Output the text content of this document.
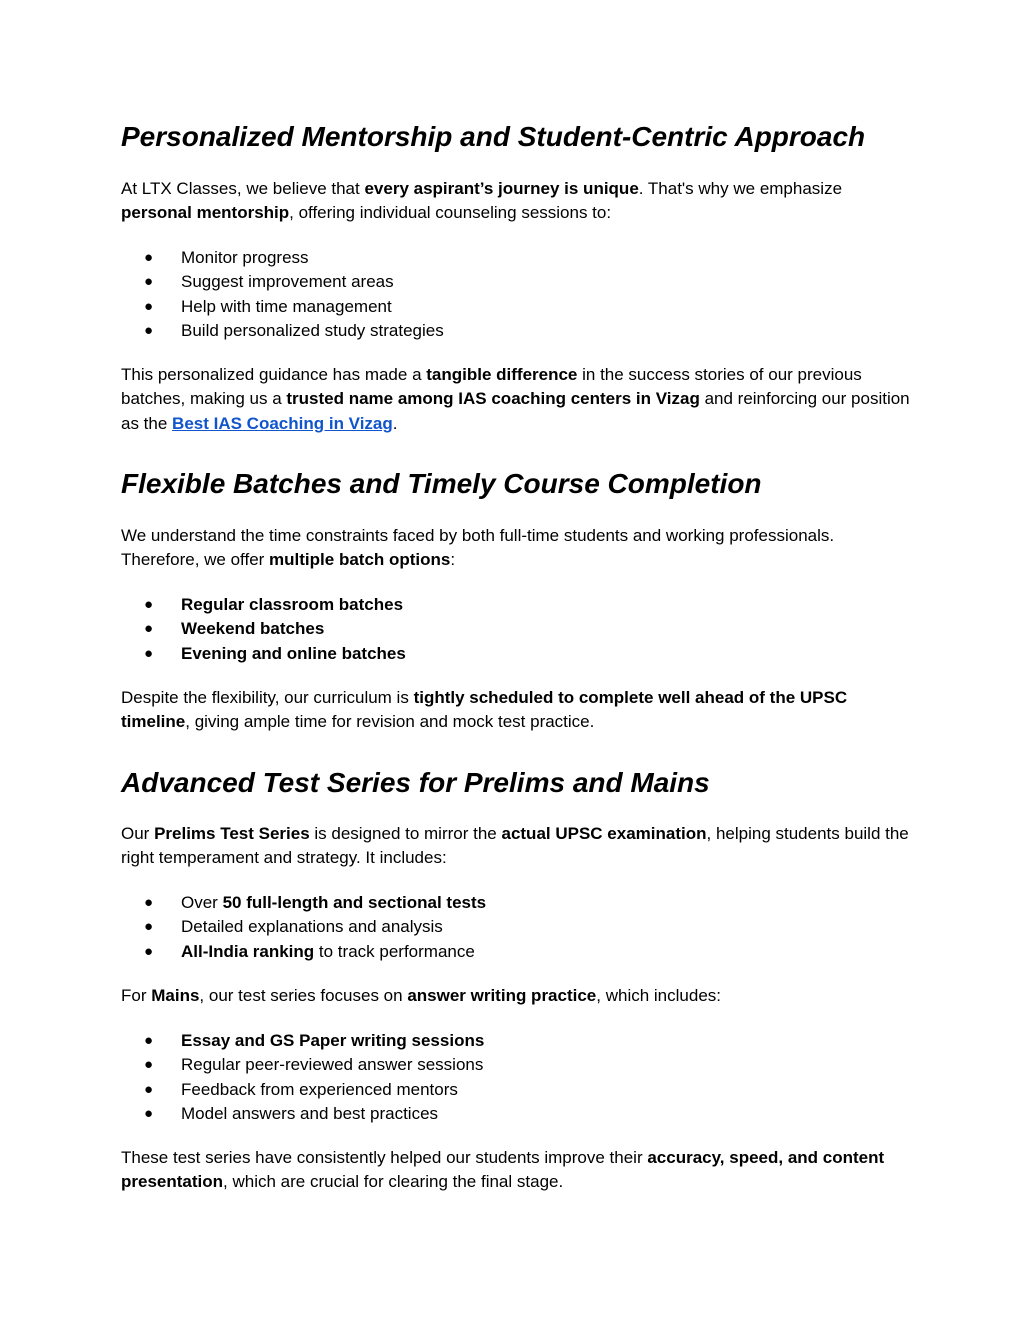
Personalized Mentorship and Student-Centric Approach

At LTX Classes, we believe that every aspirant’s journey is unique. That's why we emphasize
personal mentorship, offering individual counseling sessions to:

● Monitor progress
● Suggest improvement areas
● Help with time management
● Build personalized study strategies

This personalized guidance has made a tangible difference in the success stories of our previous batches, making us a trusted name among IAS coaching centers in Vizag and reinforcing our position as the Best IAS Coaching in Vizag.

Flexible Batches and Timely Course Completion

We understand the time constraints faced by both full-time students and working professionals. Therefore, we offer multiple batch options:

● Regular classroom batches
● Weekend batches
● Evening and online batches

Despite the flexibility, our curriculum is tightly scheduled to complete well ahead of the UPSC timeline, giving ample time for revision and mock test practice.

Advanced Test Series for Prelims and Mains

Our Prelims Test Series is designed to mirror the actual UPSC examination, helping students build the right temperament and strategy. It includes:

● Over 50 full-length and sectional tests
● Detailed explanations and analysis
● All-India ranking to track performance

For Mains, our test series focuses on answer writing practice, which includes:

● Essay and GS Paper writing sessions
● Regular peer-reviewed answer sessions
● Feedback from experienced mentors
● Model answers and best practices

These test series have consistently helped our students improve their accuracy, speed, and content presentation, which are crucial for clearing the final stage.
